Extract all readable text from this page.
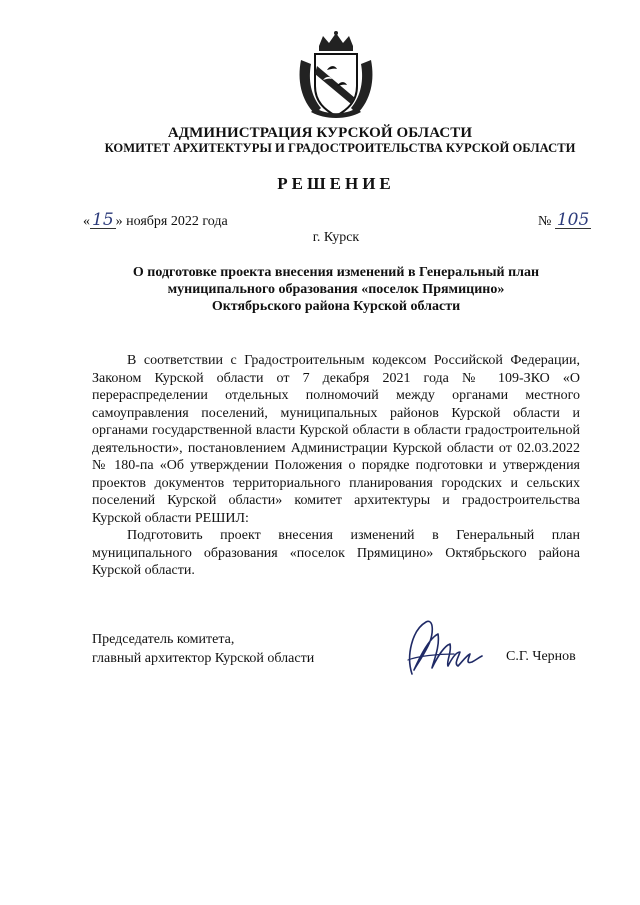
АДМИНИСТРАЦИЯ КУРСКОЙ ОБЛАСТИ
КОМИТЕТ АРХИТЕКТУРЫ И ГРАДОСТРОИТЕЛЬСТВА КУРСКОЙ ОБЛАСТИ
РЕШЕНИЕ
« 15 » ноября 2022 года	№ 105
г. Курск
О подготовке проекта внесения изменений в Генеральный план
муниципального образования «поселок Прямицино»
Октябрьского района Курской области

В соответствии с Градостроительным кодексом Российской Федерации, Законом Курской области от 7 декабря 2021 года № 109-ЗКО «О перераспределении отдельных полномочий между органами местного самоуправления поселений, муниципальных районов Курской области и органами государственной власти Курской области в области градостроительной деятельности», постановлением Администрации Курской области от 02.03.2022 № 180-па «Об утверждении Положения о порядке подготовки и утверждения проектов документов территориального планирования городских и сельских поселений Курской области» комитет архитектуры и градостроительства Курской области РЕШИЛ:

Подготовить проект внесения изменений в Генеральный план муниципального образования «поселок Прямицино» Октябрьского района Курской области.

Председатель комитета,
главный архитектор Курской области	С.Г. Чернов
